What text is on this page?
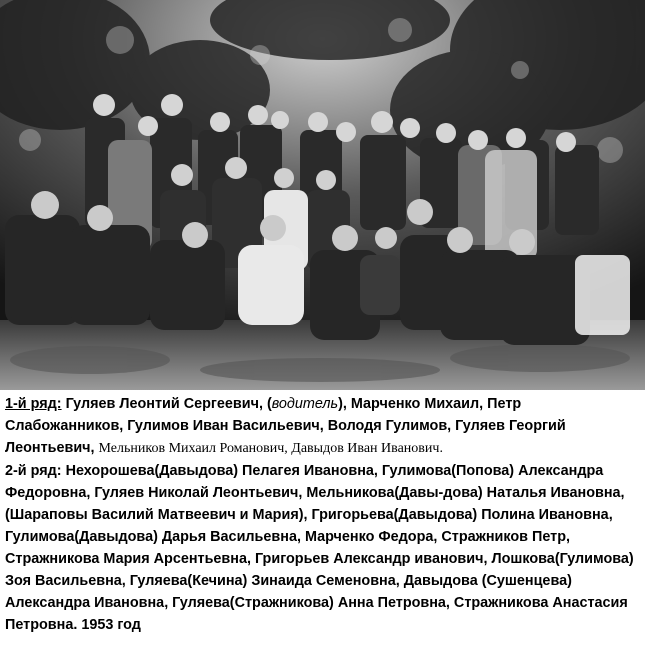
1-й ряд: Гуляев Леонтий Сергеевич, (водитель), Марченко Михаил, Петр Слабожанников, Гулимов Иван Васильевич, Володя Гулимов, Гуляев Георгий Леонтьевич, Мельников Михаил Романович, Давыдов Иван Иванович.

2-й ряд: Нехорошева(Давыдова) Пелагея Ивановна, Гулимова(Попова) Александра Федоровна, Гуляев Николай Леонтьевич, Мельникова(Давы-дова) Наталья Ивановна, (Шараповы Василий Матвеевич и Мария), Григорьева(Давыдова) Полина Ивановна, Гулимова(Давыдова) Дарья Васильевна, Марченко Федора, Стражников Петр, Стражникова Мария Арсентьевна, Григорьев Александр иванович, Лошкова(Гулимова) Зоя Васильевна, Гуляева(Кечина) Зинаида Семеновна, Давыдова (Сушенцева) Александра Ивановна, Гуляева(Стражникова) Анна Петровна, Стражникова Анастасия Петровна. 1953 год
